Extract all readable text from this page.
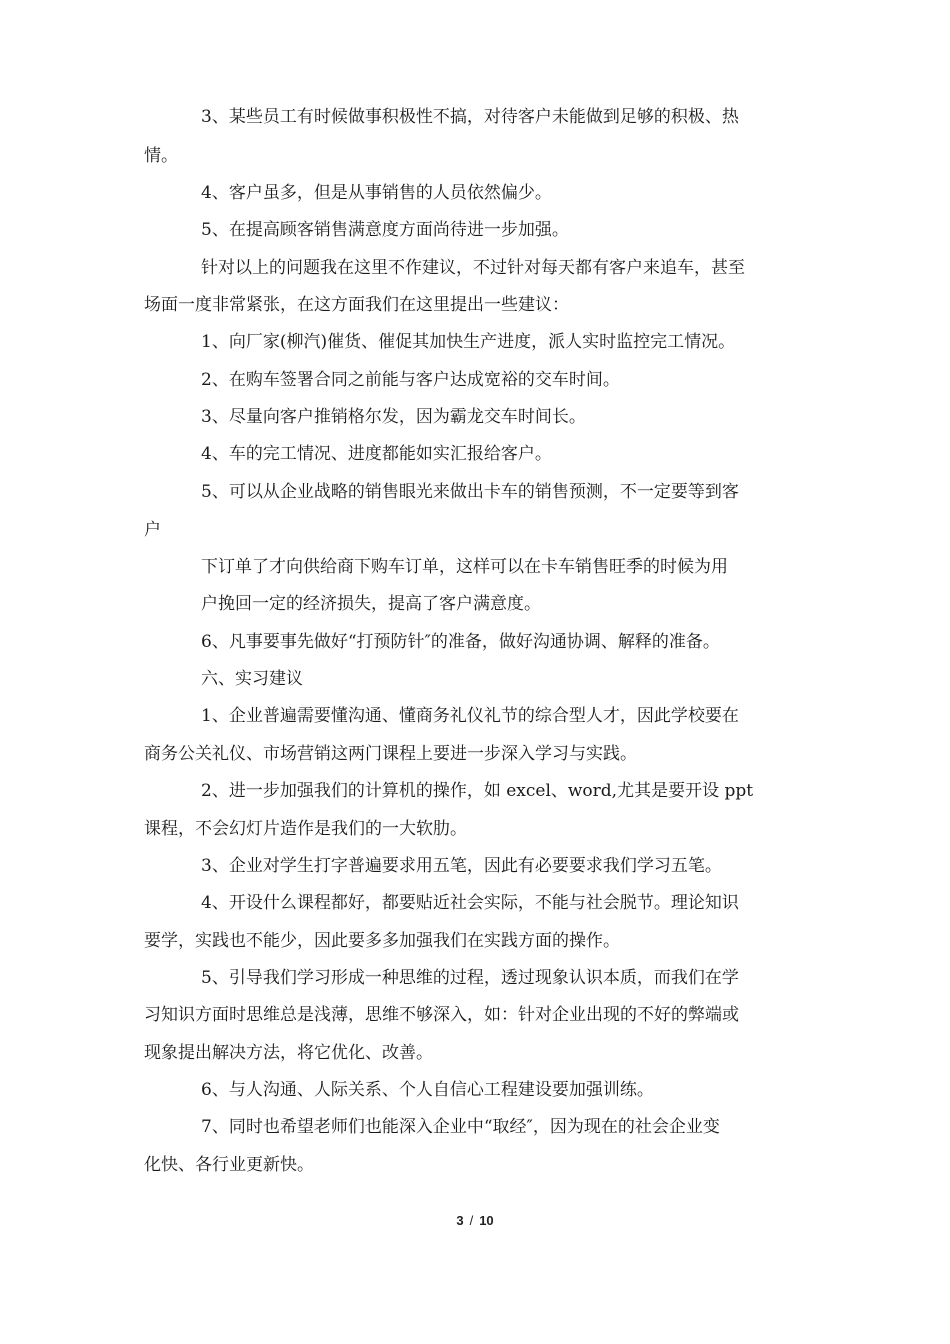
3、某些员工有时候做事积极性不搞，对待客户未能做到足够的积极、热
情。
4、客户虽多，但是从事销售的人员依然偏少。
5、在提高顾客销售满意度方面尚待进一步加强。
针对以上的问题我在这里不作建议，不过针对每天都有客户来追车，甚至
场面一度非常紧张，在这方面我们在这里提出一些建议：
1、向厂家(柳汽)催货、催促其加快生产进度，派人实时监控完工情况。
2、在购车签署合同之前能与客户达成宽裕的交车时间。
3、尽量向客户推销格尔发，因为霸龙交车时间长。
4、车的完工情况、进度都能如实汇报给客户。
5、可以从企业战略的销售眼光来做出卡车的销售预测，不一定要等到客
户
下订单了才向供给商下购车订单，这样可以在卡车销售旺季的时候为用
户挽回一定的经济损失，提高了客户满意度。
6、凡事要事先做好“打预防针″的准备，做好沟通协调、解释的准备。
六、实习建议
1、企业普遍需要懂沟通、懂商务礼仪礼节的综合型人才，因此学校要在
商务公关礼仪、市场营销这两门课程上要进一步深入学习与实践。
2、进一步加强我们的计算机的操作，如 excel、word,尤其是要开设 ppt
课程，不会幻灯片造作是我们的一大软肋。
3、企业对学生打字普遍要求用五笔，因此有必要要求我们学习五笔。
4、开设什么课程都好，都要贴近社会实际，不能与社会脱节。理论知识
要学，实践也不能少，因此要多多加强我们在实践方面的操作。
5、引导我们学习形成一种思维的过程，透过现象认识本质，而我们在学
习知识方面时思维总是浅薄，思维不够深入，如：针对企业出现的不好的弊端或
现象提出解决方法，将它优化、改善。
6、与人沟通、人际关系、个人自信心工程建设要加强训练。
7、同时也希望老师们也能深入企业中“取经″，因为现在的社会企业变
化快、各行业更新快。
3 / 10
